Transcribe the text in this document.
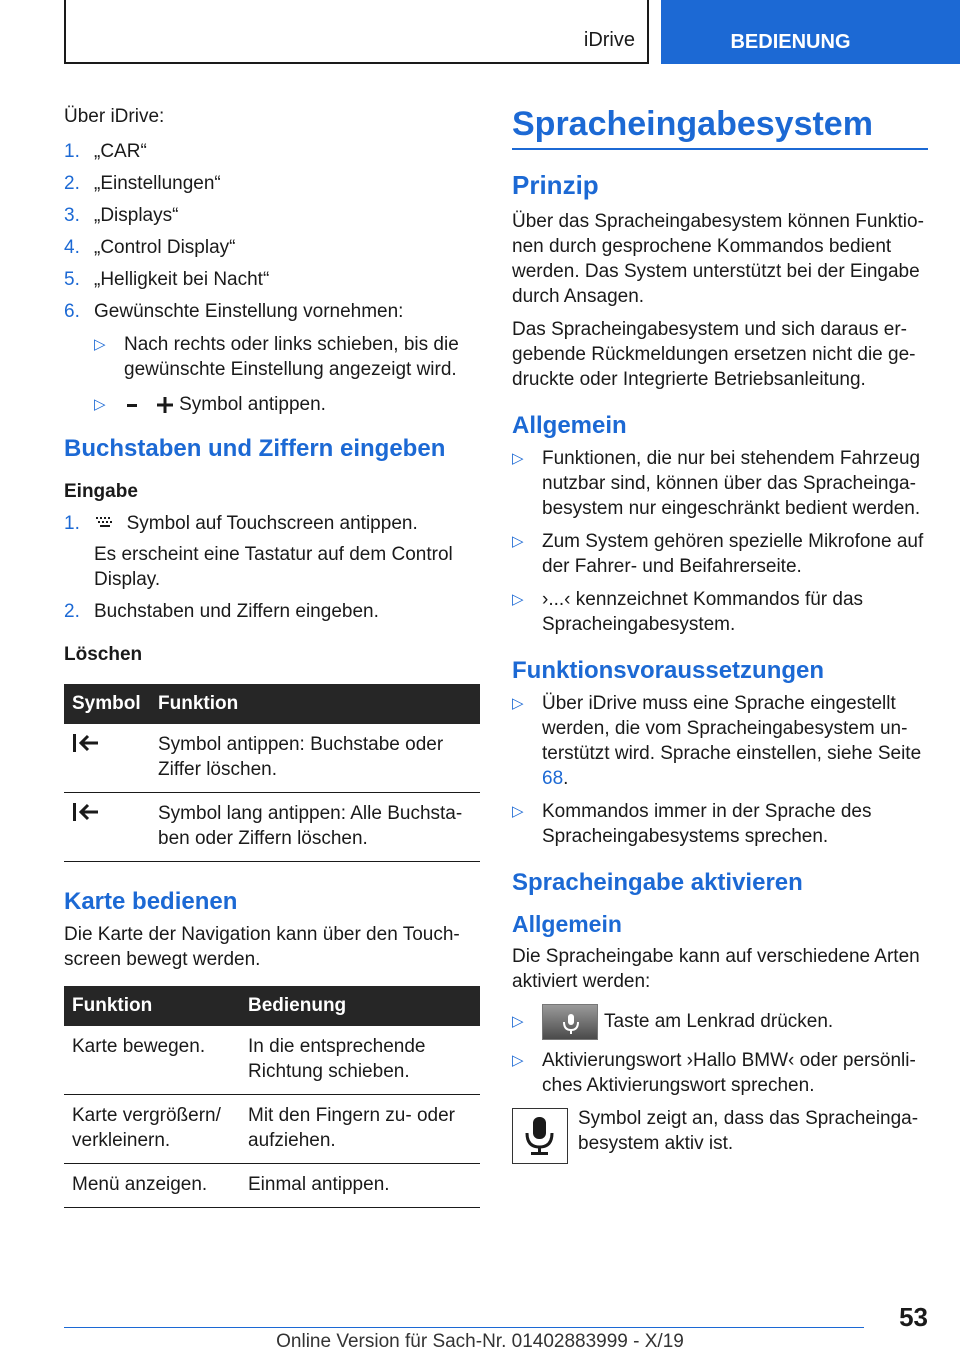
iDrive	BEDIENUNG

Über iDrive:

1. „CAR“
2. „Einstellungen“
3. „Displays“
4. „Control Display“
5. „Helligkeit bei Nacht“
6. Gewünschte Einstellung vornehmen:
▷ Nach rechts oder links schieben, bis die gewünschte Einstellung angezeigt wird.
▷	Symbol antippen.
Buchstaben und Ziffern eingeben
Eingabe
1. Symbol auf Touchscreen antippen.

Es erscheint eine Tastatur auf dem Control Display.

2. Buchstaben und Ziffern eingeben.
Löschen
Symbol	Funktion
	Symbol antippen: Buchstabe oder Ziffer löschen.
	Symbol lang antippen: Alle Buchsta-ben oder Ziffern löschen.
Karte bedienen

Die Karte der Navigation kann über den Touch-screen bewegt werden.

Funktion	Bedienung
Karte bewegen.	In die entsprechende Richtung schieben.
Karte vergrößern/ verkleinern.	Mit den Fingern zu- oder aufziehen.
Menü anzeigen.	Einmal antippen.
Spracheingabesystem
Prinzip

Über das Spracheingabesystem können Funktio-nen durch gesprochene Kommandos bedient werden. Das System unterstützt bei der Eingabe durch Ansagen.

Das Spracheingabesystem und sich daraus er-gebende Rückmeldungen ersetzen nicht die ge-druckte oder Integrierte Betriebsanleitung.

Allgemein
▷ Funktionen, die nur bei stehendem Fahrzeug nutzbar sind, können über das Spracheinga-besystem nur eingeschränkt bedient werden.
▷ Zum System gehören spezielle Mikrofone auf der Fahrer- und Beifahrerseite.
▷ ›...‹ kennzeichnet Kommandos für das Spracheingabesystem.
Funktionsvoraussetzungen
▷ Über iDrive muss eine Sprache eingestellt werden, die vom Spracheingabesystem un-terstützt wird. Sprache einstellen, siehe Seite 68.
▷ Kommandos immer in der Sprache des Spracheingabesystems sprechen.
Spracheingabe aktivieren
Allgemein

Die Spracheingabe kann auf verschiedene Arten aktiviert werden:

▷	Taste am Lenkrad drücken.
▷ Aktivierungswort ›Hallo BMW‹ oder persönli-ches Aktivierungswort sprechen.

Symbol zeigt an, dass das Spracheinga-besystem aktiv ist.

53
Online Version für Sach-Nr. 01402883999 - X/19
